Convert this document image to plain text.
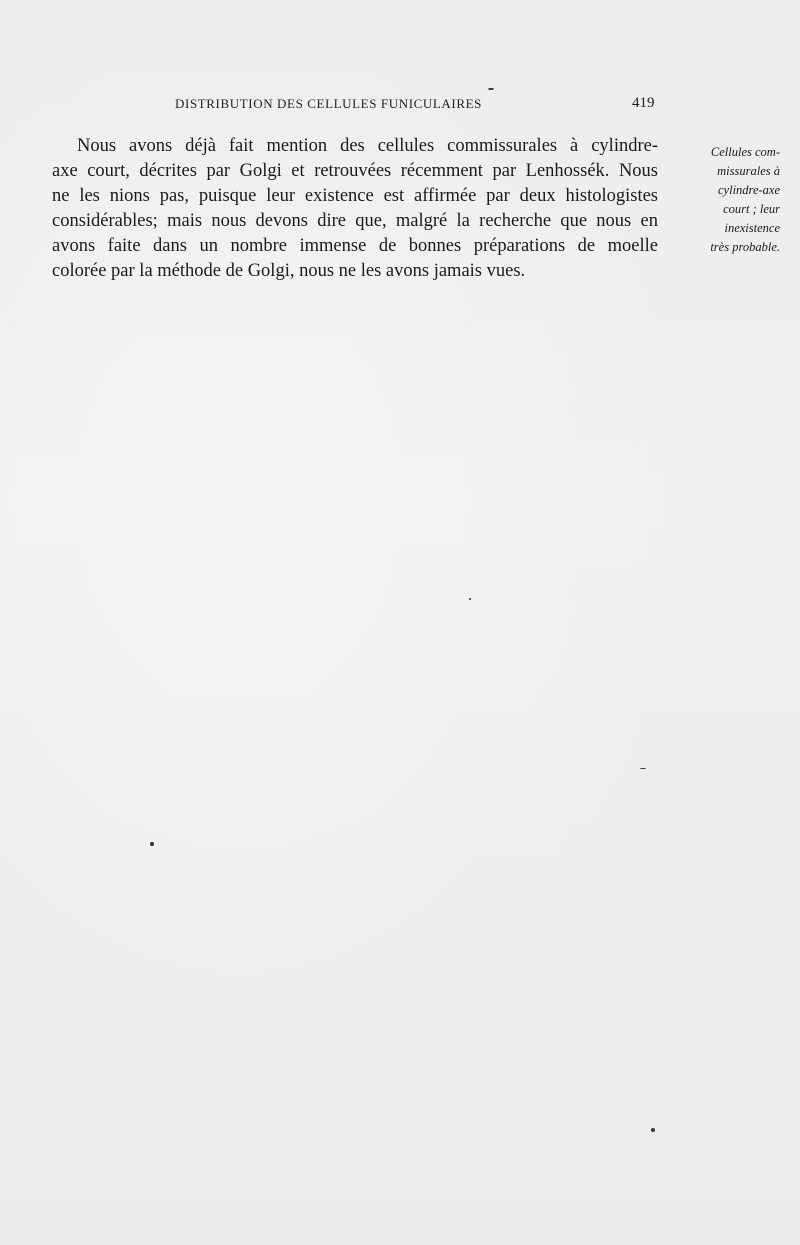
DISTRIBUTION DES CELLULES FUNICULAIRES	419
Nous avons déjà fait mention des cellules commissurales à cylindre-
axe court, décrites par Golgi et retrouvées récemment par Lenhossék. Nous
ne les nions pas, puisque leur existence est affirmée par deux histologistes
considérables; mais nous devons dire que, malgré la recherche que nous en
avons faite dans un nombre immense de bonnes préparations de moelle
colorée par la méthode de Golgi, nous ne les avons jamais vues.
Cellules com-
missurales à
cylindre-axe
court ; leur
inexistence
très probable.
